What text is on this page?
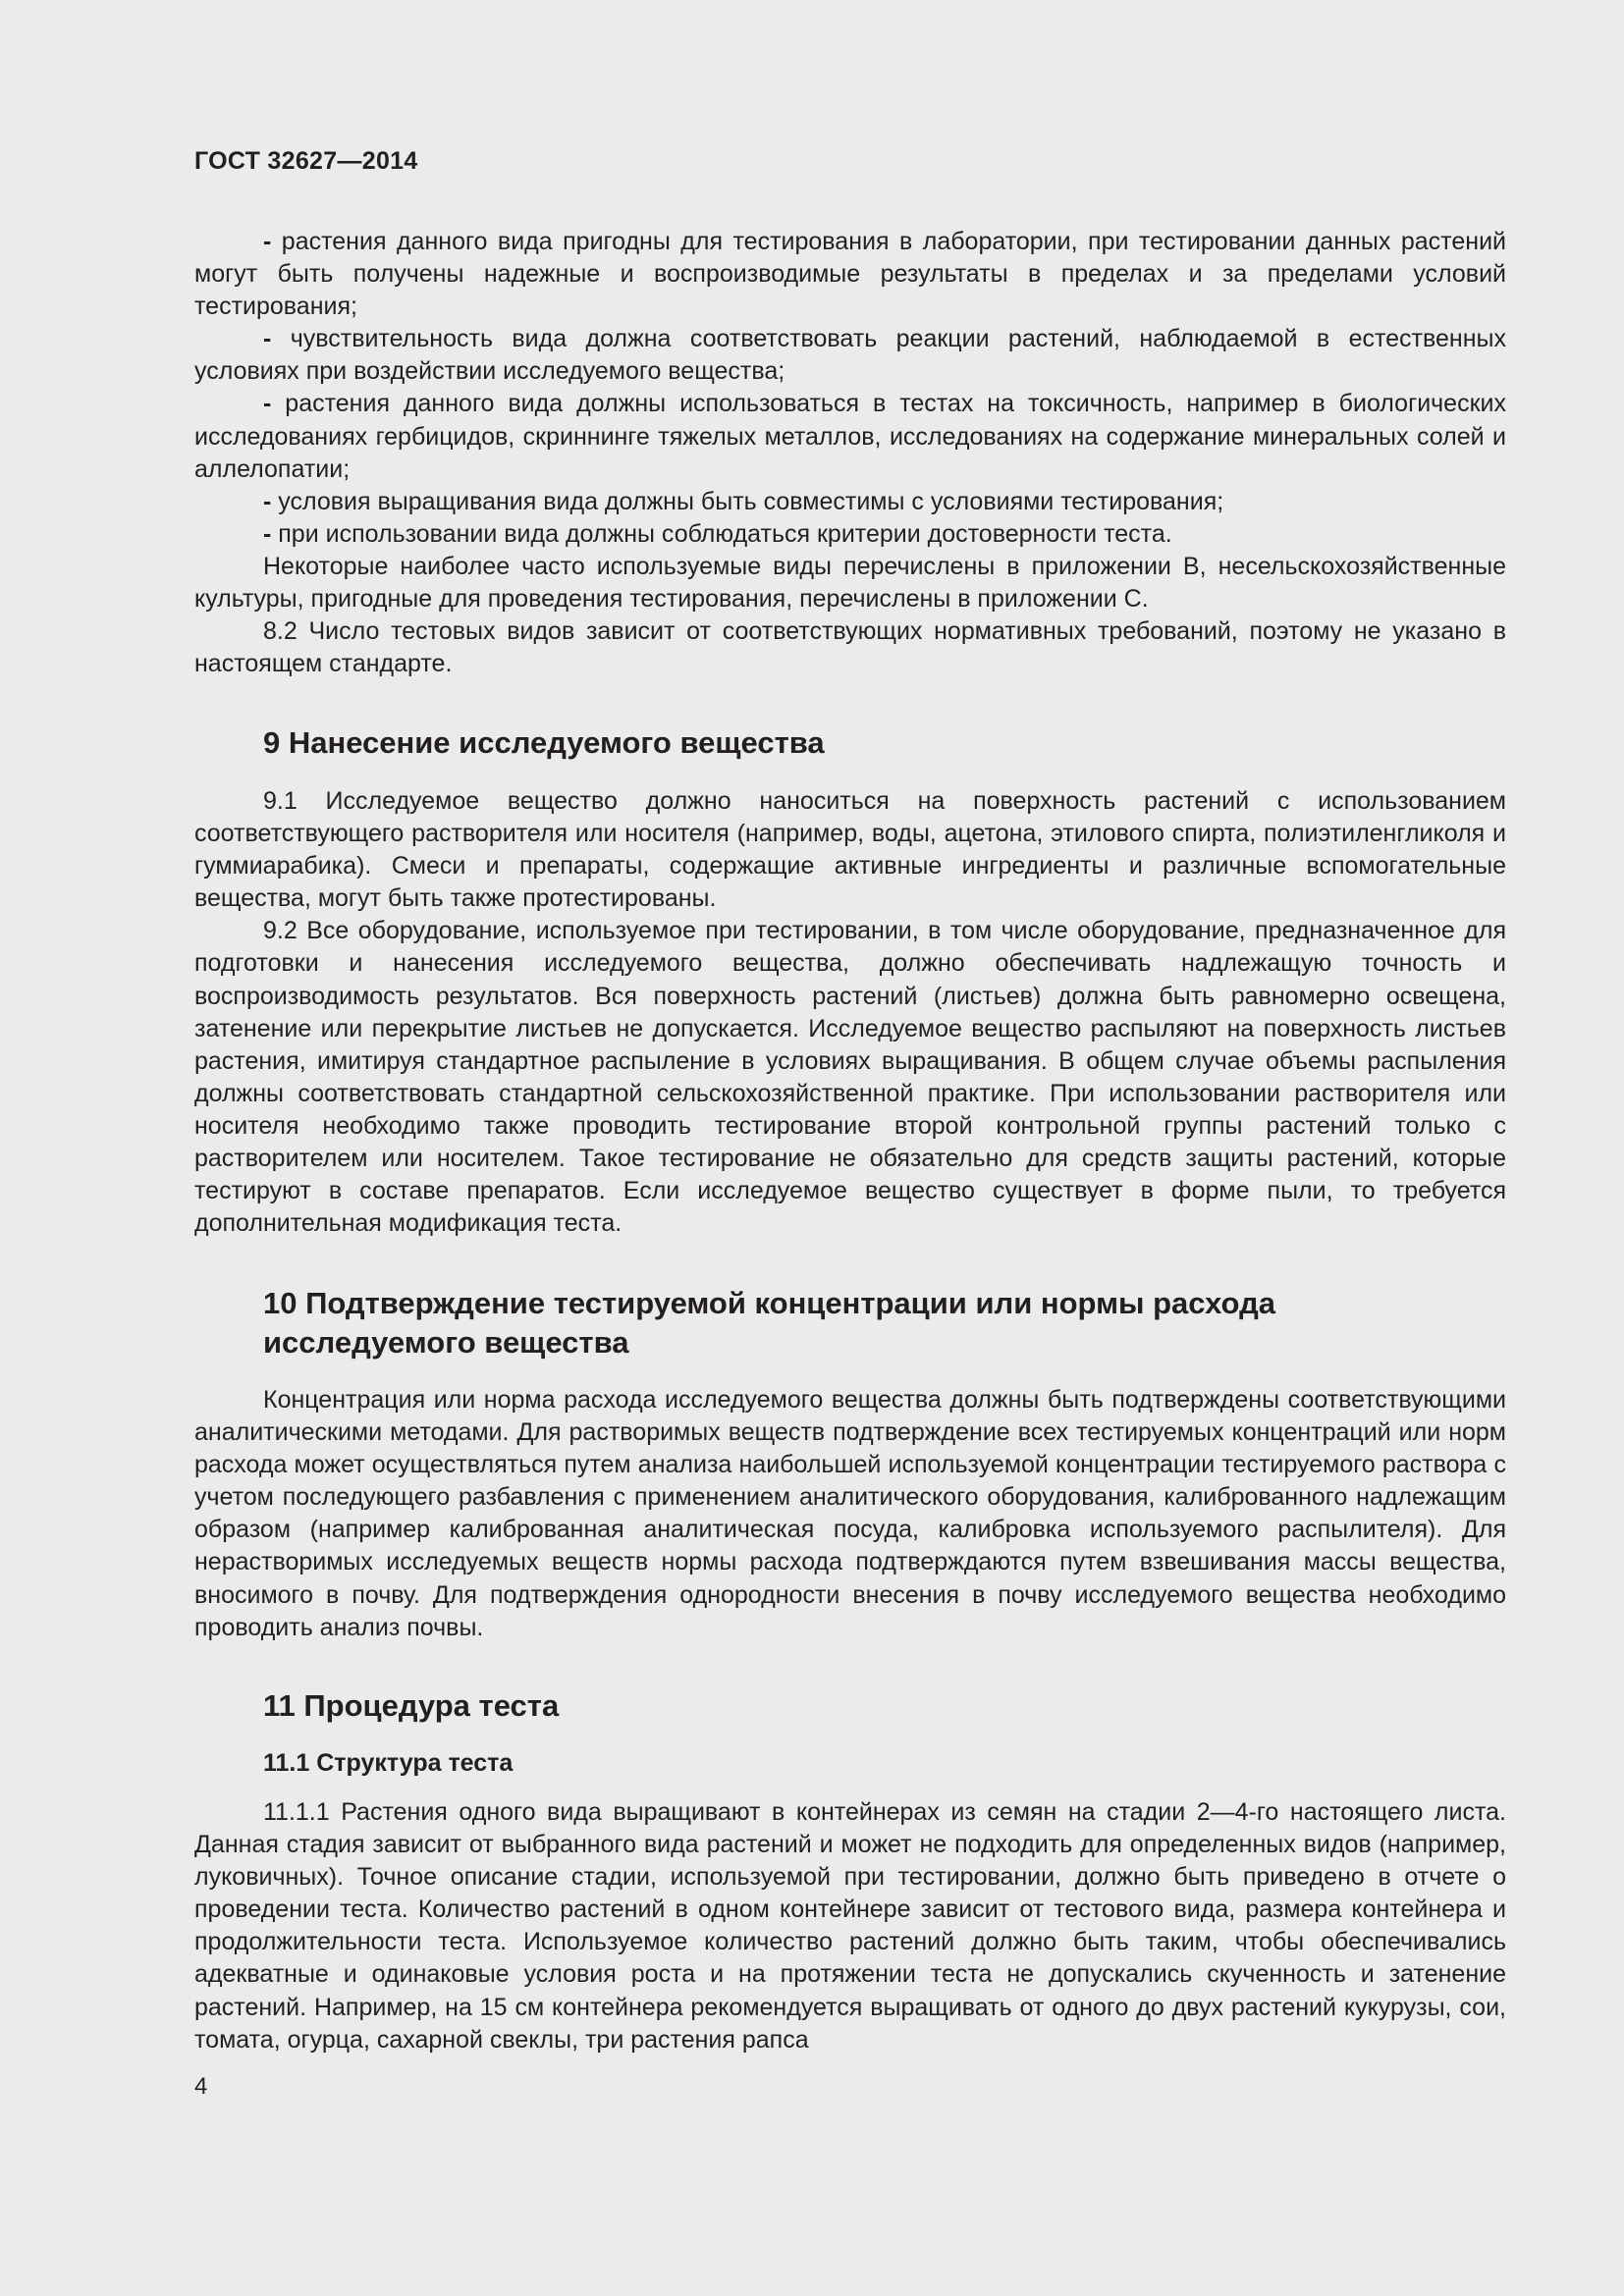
ГОСТ 32627—2014

- растения данного вида пригодны для тестирования в лаборатории, при тестировании данных растений могут быть получены надежные и воспроизводимые результаты в пределах и за пределами условий тестирования;

- чувствительность вида должна соответствовать реакции растений, наблюдаемой в естественных условиях при воздействии исследуемого вещества;

- растения данного вида должны использоваться в тестах на токсичность, например в биологических исследованиях гербицидов, скриннинге тяжелых металлов, исследованиях на содержание минеральных солей и аллелопатии;

- условия выращивания вида должны быть совместимы с условиями тестирования;

- при использовании вида должны соблюдаться критерии достоверности теста.

Некоторые наиболее часто используемые виды перечислены в приложении B, несельскохозяйственные культуры, пригодные для проведения тестирования, перечислены в приложении C.

8.2 Число тестовых видов зависит от соответствующих нормативных требований, поэтому не указано в настоящем стандарте.

9 Нанесение исследуемого вещества

9.1 Исследуемое вещество должно наноситься на поверхность растений с использованием соответствующего растворителя или носителя (например, воды, ацетона, этилового спирта, полиэтиленгликоля и гуммиарабика). Смеси и препараты, содержащие активные ингредиенты и различные вспомогательные вещества, могут быть также протестированы.

9.2 Все оборудование, используемое при тестировании, в том числе оборудование, предназначенное для подготовки и нанесения исследуемого вещества, должно обеспечивать надлежащую точность и воспроизводимость результатов. Вся поверхность растений (листьев) должна быть равномерно освещена, затенение или перекрытие листьев не допускается. Исследуемое вещество распыляют на поверхность листьев растения, имитируя стандартное распыление в условиях выращивания. В общем случае объемы распыления должны соответствовать стандартной сельскохозяйственной практике. При использовании растворителя или носителя необходимо также проводить тестирование второй контрольной группы растений только с растворителем или носителем. Такое тестирование не обязательно для средств защиты растений, которые тестируют в составе препаратов. Если исследуемое вещество существует в форме пыли, то требуется дополнительная модификация теста.

10 Подтверждение тестируемой концентрации или нормы расхода
исследуемого вещества

Концентрация или норма расхода исследуемого вещества должны быть подтверждены соответствующими аналитическими методами. Для растворимых веществ подтверждение всех тестируемых концентраций или норм расхода может осуществляться путем анализа наибольшей используемой концентрации тестируемого раствора с учетом последующего разбавления с применением аналитического оборудования, калиброванного надлежащим образом (например калиброванная аналитическая посуда, калибровка используемого распылителя). Для нерастворимых исследуемых веществ нормы расхода подтверждаются путем взвешивания массы вещества, вносимого в почву. Для подтверждения однородности внесения в почву исследуемого вещества необходимо проводить анализ почвы.

11 Процедура теста
11.1 Структура теста

11.1.1 Растения одного вида выращивают в контейнерах из семян на стадии 2—4-го настоящего листа. Данная стадия зависит от выбранного вида растений и может не подходить для определенных видов (например, луковичных). Точное описание стадии, используемой при тестировании, должно быть приведено в отчете о проведении теста. Количество растений в одном контейнере зависит от тестового вида, размера контейнера и продолжительности теста. Используемое количество растений должно быть таким, чтобы обеспечивались адекватные и одинаковые условия роста и на протяжении теста не допускались скученность и затенение растений. Например, на 15 см контейнера рекомендуется выращивать от одного до двух растений кукурузы, сои, томата, огурца, сахарной свеклы, три растения рапса

4
